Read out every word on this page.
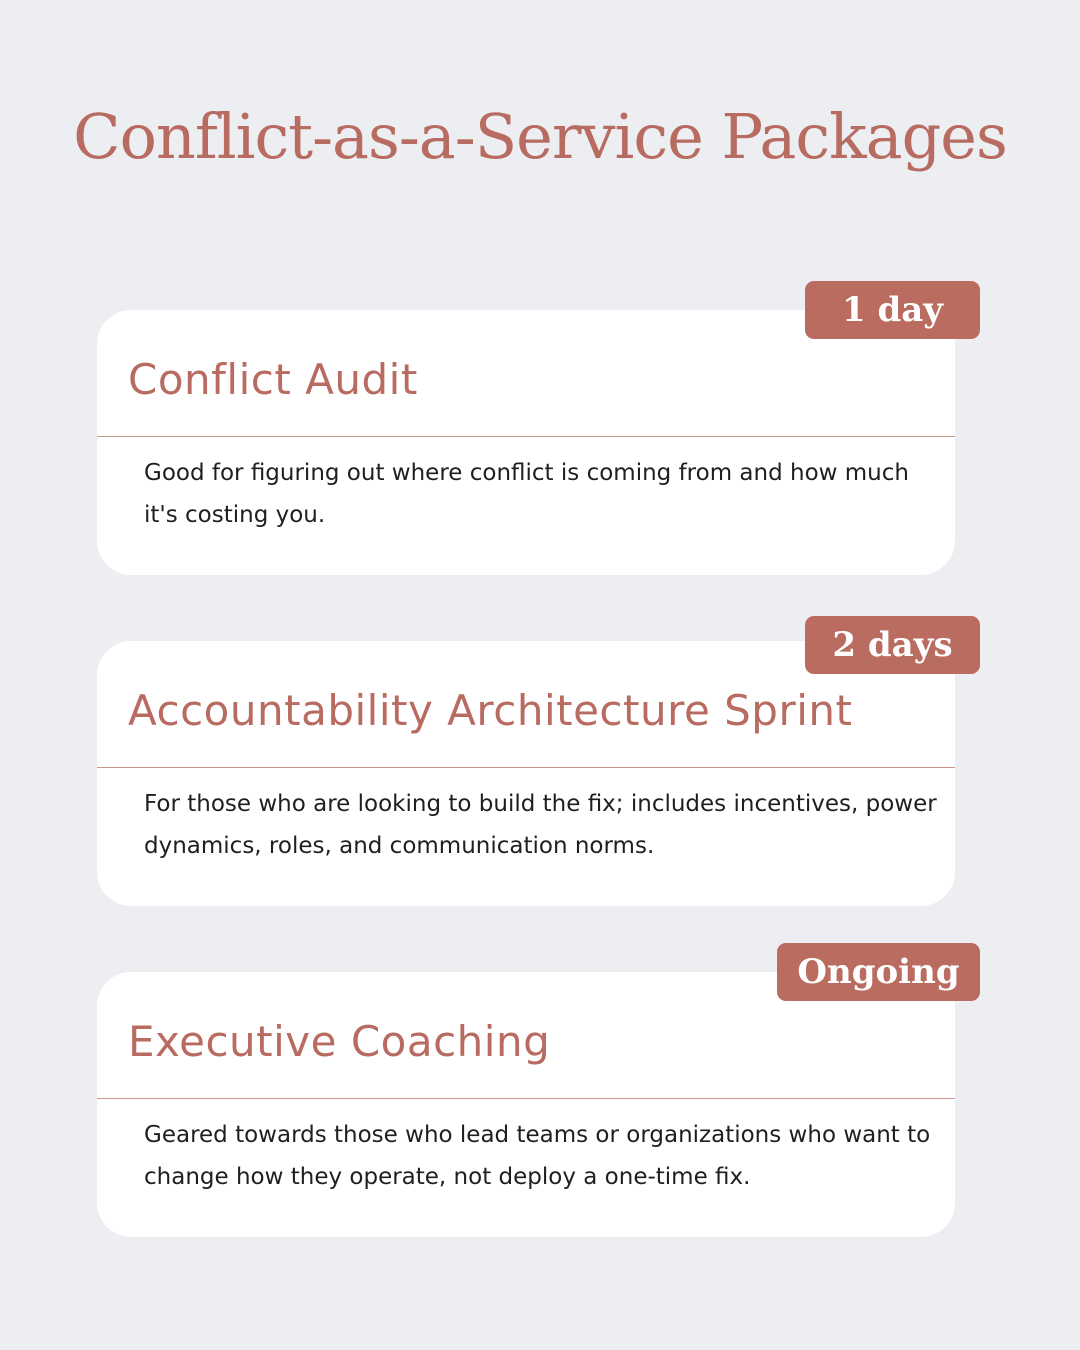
Conflict-as-a-Service Packages
Conflict Audit
Good for figuring out where conflict is coming from and how much it's costing you.
1 day
Accountability Architecture Sprint
For those who are looking to build the fix; includes incentives, power dynamics, roles, and communication norms.
2 days
Executive Coaching
Geared towards those who lead teams or organizations who want to change how they operate, not deploy a one-time fix.
Ongoing
